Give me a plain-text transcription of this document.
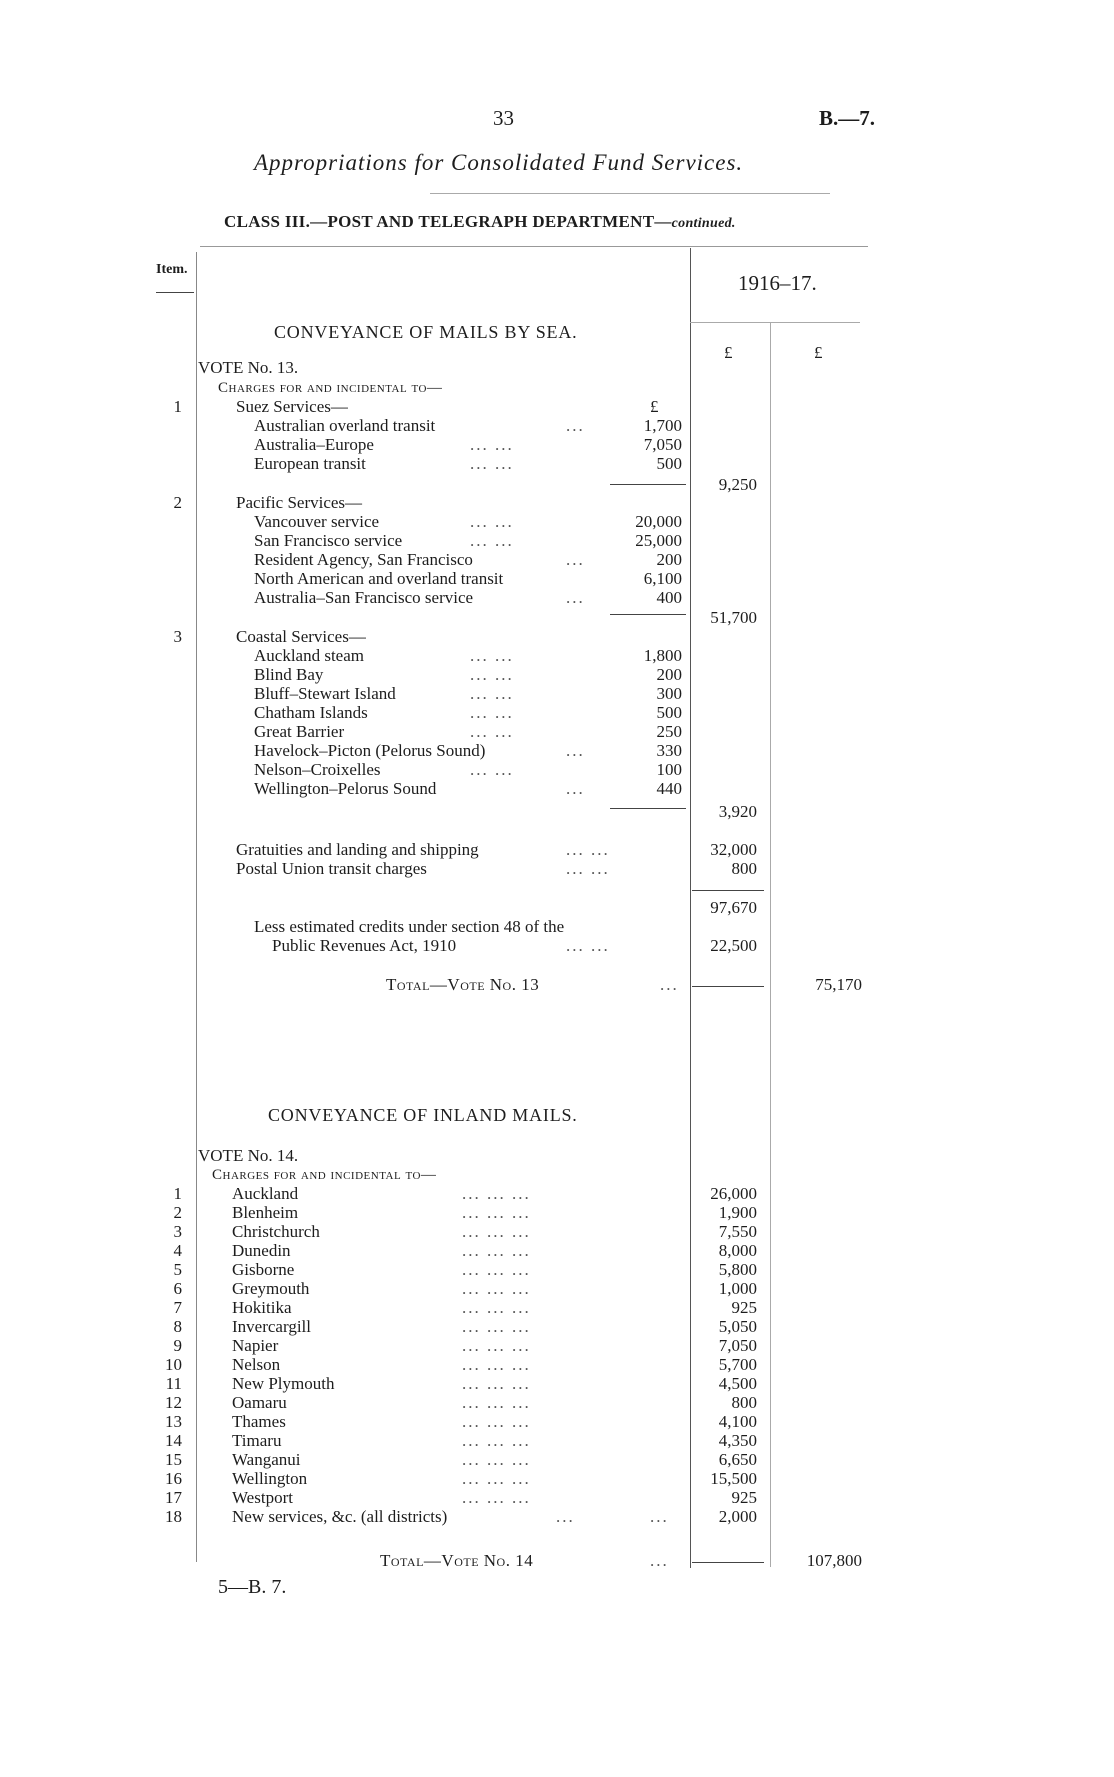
33	B.—7.
Appropriations for Consolidated Fund Services.
CLASS III.—POST AND TELEGRAPH DEPARTMENT—continued.
Item.
1916–17.
£	£
CONVEYANCE OF MAILS BY SEA.
VOTE No. 13.
Charges for and incidental to—
1	Suez Services—	£
Australian overland transit	...	1,700
Australia–Europe	... ...	7,050
European transit	... ...	500
9,250
2	Pacific Services—
Vancouver service	... ...	20,000
San Francisco service	... ...	25,000
Resident Agency, San Francisco	...	200
North American and overland transit	6,100
Australia–San Francisco service	...	400
51,700
3	Coastal Services—
Auckland steam	... ...	1,800
Blind Bay	... ...	200
Bluff–Stewart Island	... ...	300
Chatham Islands	... ...	500
Great Barrier	... ...	250
Havelock–Picton (Pelorus Sound)	...	330
Nelson–Croixelles	... ...	100
Wellington–Pelorus Sound	...	440
3,920
Gratuities and landing and shipping	... ...	32,000
Postal Union transit charges	... ...	800
97,670
Less estimated credits under section 48 of the
Public Revenues Act, 1910	... ...	22,500
Total—Vote No. 13	...	75,170
CONVEYANCE OF INLAND MAILS.
VOTE No. 14.
Charges for and incidental to—
1	Auckland	... ... ...	26,000
2	Blenheim	... ... ...	1,900
3	Christchurch	... ... ...	7,550
4	Dunedin	... ... ...	8,000
5	Gisborne	... ... ...	5,800
6	Greymouth	... ... ...	1,000
7	Hokitika	... ... ...	925
8	Invercargill	... ... ...	5,050
9	Napier	... ... ...	7,050
10	Nelson	... ... ...	5,700
11	New Plymouth	... ... ...	4,500
12	Oamaru	... ... ...	800
13	Thames	... ... ...	4,100
14	Timaru	... ... ...	4,350
15	Wanganui	... ... ...	6,650
16	Wellington	... ... ...	15,500
17	Westport	... ... ...	925
18	New services, &c. (all districts)	...	...	2,000
Total—Vote No. 14	...	107,800
5—B. 7.
